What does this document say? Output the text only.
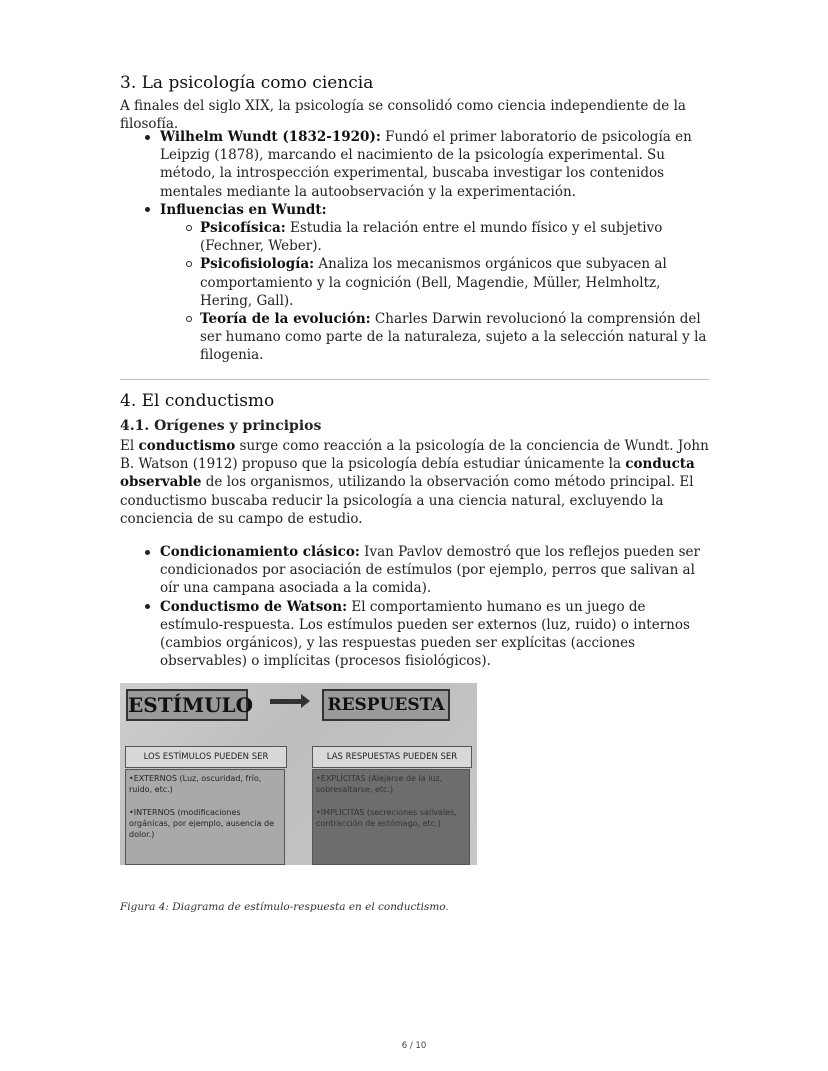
3. La psicología como ciencia
A finales del siglo XIX, la psicología se consolidó como ciencia independiente de la filosofía.
Wilhelm Wundt (1832-1920): Fundó el primer laboratorio de psicología en Leipzig (1878), marcando el nacimiento de la psicología experimental. Su método, la introspección experimental, buscaba investigar los contenidos mentales mediante la autoobservación y la experimentación.
Influencias en Wundt:
Psicofísica: Estudia la relación entre el mundo físico y el subjetivo (Fechner, Weber).
Psicofisiología: Analiza los mecanismos orgánicos que subyacen al comportamiento y la cognición (Bell, Magendie, Müller, Helmholtz, Hering, Gall).
Teoría de la evolución: Charles Darwin revolucionó la comprensión del ser humano como parte de la naturaleza, sujeto a la selección natural y la filogenia.
4. El conductismo
4.1. Orígenes y principios

El conductismo surge como reacción a la psicología de la conciencia de Wundt. John B. Watson (1912) propuso que la psicología debía estudiar únicamente la conducta observable de los organismos, utilizando la observación como método principal. El conductismo buscaba reducir la psicología a una ciencia natural, excluyendo la conciencia de su campo de estudio.

Condicionamiento clásico: Ivan Pavlov demostró que los reflejos pueden ser condicionados por asociación de estímulos (por ejemplo, perros que salivan al oír una campana asociada a la comida).
Conductismo de Watson: El comportamiento humano es un juego de estímulo-respuesta. Los estímulos pueden ser externos (luz, ruido) o internos (cambios orgánicos), y las respuestas pueden ser explícitas (acciones observables) o implícitas (procesos fisiológicos).
ESTÍMULO	RESPUESTA
LOS ESTÍMULOS PUEDEN SER	LAS RESPUESTAS PUEDEN SER

•EXTERNOS (Luz, oscuridad, frío, ruido, etc.)

•INTERNOS (modificaciones orgánicas, por ejemplo, ausencia de dolor.)

•EXPLÍCITAS (Alejarse de la luz, sobresaltarse, etc.)

•IMPLÍCITAS (secreciones salivales, contracción de estómago, etc.)

Figura 4: Diagrama de estímulo-respuesta en el conductismo.
6 / 10
